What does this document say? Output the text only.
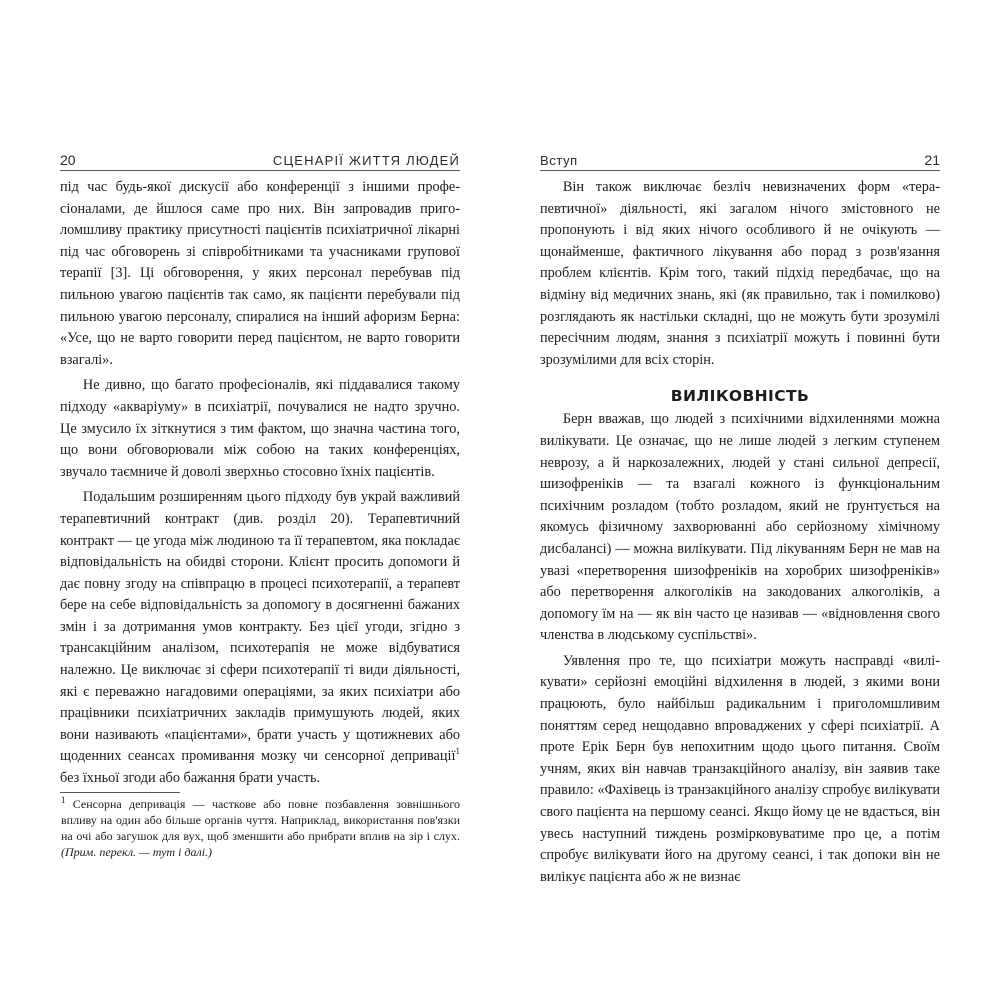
20	СЦЕНАРІЇ ЖИТТЯ ЛЮДЕЙ

під час будь-якої дискусії або конференції з іншими професіоналами, де йшлося саме про них. Він запровадив приголомшливу практику присутності пацієнтів психіатричної лікарні під час обговорень зі співробітниками та учасниками групової терапії [3]. Ці обговорення, у яких персонал перебував під пильною увагою пацієнтів так само, як пацієнти перебували під пильною увагою персоналу, спиралися на інший афоризм Берна: «Усе, що не варто говорити перед пацієнтом, не варто говорити взагалі».

Не дивно, що багато професіоналів, які піддавалися такому підходу «акваріуму» в психіатрії, почувалися не надто зручно. Це змусило їх зіткнутися з тим фактом, що значна частина того, що вони обговорювали між собою на таких конференціях, звучало таємниче й доволі зверхньо стосовно їхніх пацієнтів.

Подальшим розширенням цього підходу був украй важливий терапевтичний контракт (див. розділ 20). Терапевтичний контракт — це угода між людиною та її терапевтом, яка покладає відповідальність на обидві сторони. Клієнт просить допомоги й дає повну згоду на співпрацю в процесі психотерапії, а терапевт бере на себе відповідальність за допомогу в досягненні бажаних змін і за дотримання умов контракту. Без цієї угоди, згідно з трансакційним аналізом, психотерапія не може відбуватися належно. Це виключає зі сфери психотерапії ті види діяльності, які є переважно нагадовими операціями, за яких психіатри або працівники психіатричних закладів примушують людей, яких вони називають «пацієнтами», брати участь у щотижневих або щоденних сеансах промивання мозку чи сенсорної депривації$^1$ без їхньої згоди або бажання брати участь.

$^1$ Сенсорна депривація — часткове або повне позбавлення зовнішнього впливу на один або більше органів чуття. Наприклад, використання пов'язки на очі або загушок для вух, щоб зменшити або прибрати вплив на зір і слух. (Прим. перекл. — тут і далі.)
Вступ	21

Він також виключає безліч невизначених форм «терапевтичної» діяльності, які загалом нічого змістовного не пропонують і від яких нічого особливого й не очікують — щонайменше, фактичного лікування або порад з розв'язання проблем клієнтів. Крім того, такий підхід передбачає, що на відміну від медичних знань, які (як правильно, так і помилково) розглядають як настільки складні, що не можуть бути зрозумілі пересічним людям, знання з психіатрії можуть і повинні бути зрозумілими для всіх сторін.

ВИЛІКОВНІСТЬ

Берн вважав, що людей з психічними відхиленнями можна вилікувати. Це означає, що не лише людей з легким ступенем неврозу, а й наркозалежних, людей у стані сильної депресії, шизофреніків — та взагалі кожного із функціональним психічним розладом (тобто розладом, який не ґрунтується на якомусь фізичному захворюванні або серйозному хімічному дисбалансі) — можна вилікувати. Під лікуванням Берн не мав на увазі «перетворення шизофреніків на хоробрих шизофреніків» або перетворення алкоголіків на закодованих алкоголіків, а допомогу їм на — як він часто це називав — «відновлення свого членства в людському суспільстві».

Уявлення про те, що психіатри можуть насправді «вилікувати» серйозні емоційні відхилення в людей, з якими вони працюють, було найбільш радикальним і приголомшливим поняттям серед нещодавно впроваджених у сфері психіатрії. А проте Ерік Берн був непохитним щодо цього питання. Своїм учням, яких він навчав транзакційного аналізу, він заявив таке правило: «Фахівець із транзакційного аналізу спробує вилікувати свого пацієнта на першому сеансі. Якщо йому це не вдасться, він увесь наступний тиждень розмірковуватиме про це, а потім спробує вилікувати його на другому сеансі, і так допоки він не вилікує пацієнта або ж не визнає
